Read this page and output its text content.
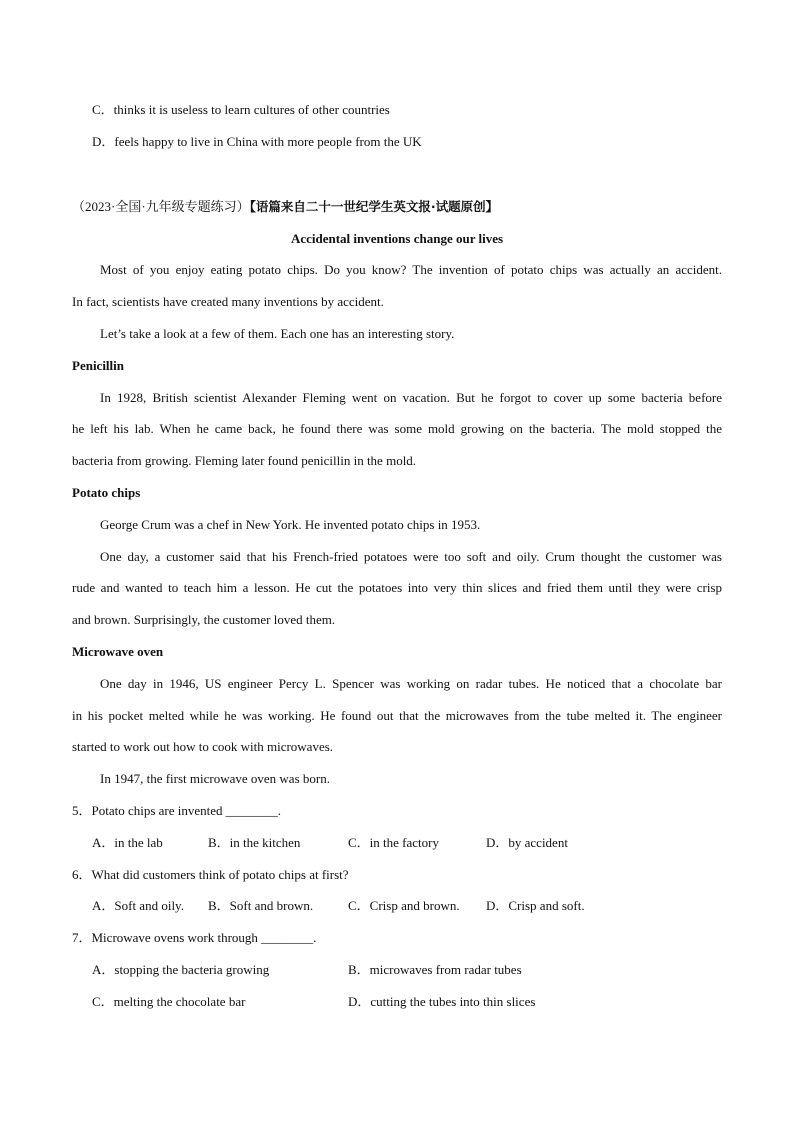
C．thinks it is useless to learn cultures of other countries
D．feels happy to live in China with more people from the UK
（2023·全国·九年级专题练习）【语篇来自二十一世纪学生英文报·试题原创】
Accidental inventions change our lives
Most of you enjoy eating potato chips. Do you know? The invention of potato chips was actually an accident.
In fact, scientists have created many inventions by accident.
Let’s take a look at a few of them. Each one has an interesting story.
Penicillin
In 1928, British scientist Alexander Fleming went on vacation. But he forgot to cover up some bacteria before
he left his lab. When he came back, he found there was some mold growing on the bacteria. The mold stopped the
bacteria from growing. Fleming later found penicillin in the mold.
Potato chips
George Crum was a chef in New York. He invented potato chips in 1953.
One day, a customer said that his French-fried potatoes were too soft and oily. Crum thought the customer was
rude and wanted to teach him a lesson. He cut the potatoes into very thin slices and fried them until they were crisp
and brown. Surprisingly, the customer loved them.
Microwave oven
One day in 1946, US engineer Percy L. Spencer was working on radar tubes. He noticed that a chocolate bar
in his pocket melted while he was working. He found out that the microwaves from the tube melted it. The engineer
started to work out how to cook with microwaves.
In 1947, the first microwave oven was born.
5．Potato chips are invented ________.
A．in the lab	B．in the kitchen	C．in the factory	D．by accident
6．What did customers think of potato chips at first?
A．Soft and oily. B．Soft and brown.	C．Crisp and brown. D．Crisp and soft.
7．Microwave ovens work through ________.
A．stopping the bacteria growing	B．microwaves from radar tubes
C．melting the chocolate bar	D．cutting the tubes into thin slices
